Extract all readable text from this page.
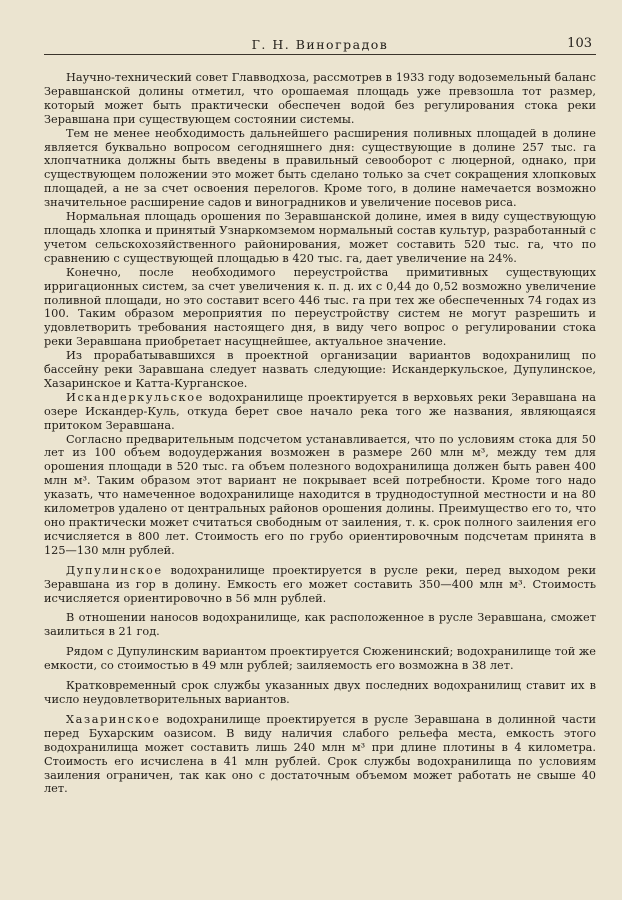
Г. Н. Виноградов	103

Научно-технический совет Главводхоза, рассмотрев в 1933 году водоземельный баланс Зеравшанской долины отметил, что орошаемая площадь уже превзошла тот размер, который может быть практически обеспечен водой без регулирования стока реки Зеравшана при существующем состоянии системы.

Тем не менее необходимость дальнейшего расширения поливных площадей в долине является буквально вопросом сегодняшнего дня: существующие в долине 257 тыс. га хлопчатника должны быть введены в правильный севооборот с люцерной, однако, при существующем положении это может быть сделано только за счет сокращения хлопковых площадей, а не за счет освоения перелогов. Кроме того, в долине намечается возможно значительное расширение садов и виноградников и увеличение посевов риса.

Нормальная площадь орошения по Зеравшанской долине, имея в виду существующую площадь хлопка и принятый Узнаркомземом нормальный состав культур, разработанный с учетом сельскохозяйственного районирования, может составить 520 тыс. га, что по сравнению с существующей площадью в 420 тыс. га, дает увеличение на 24%.

Конечно, после необходимого переустройства примитивных существующих ирригационных систем, за счет увеличения к. п. д. их с 0,44 до 0,52 возможно увеличение поливной площади, но это составит всего 446 тыс. га при тех же обеспеченных 74 годах из 100. Таким образом мероприятия по переустройству систем не могут разрешить и удовлетворить требования настоящего дня, в виду чего вопрос о регулировании стока реки Зеравшана приобретает насущнейшее, актуальное значение.

Из прорабатывавшихся в проектной организации вариантов водохранилищ по бассейну реки Заравшана следует назвать следующие: Искандеркульское, Дупулинское, Хазаринское и Катта-Курганское.

Искандеркульское водохранилище проектируется в верховьях реки Зеравшана на озере Искандер-Куль, откуда берет свое начало река того же названия, являющаяся притоком Зеравшана.

Согласно предварительным подсчетом устанавливается, что по условиям стока для 50 лет из 100 объем водоудержания возможен в размере 260 млн м³, между тем для орошения площади в 520 тыс. га объем полезного водохранилища должен быть равен 400 млн м³. Таким образом этот вариант не покрывает всей потребности. Кроме того надо указать, что намеченное водохранилище находится в труднодоступной местности и на 80 километров удалено от центральных районов орошения долины. Преимущество его то, что оно практически может считаться свободным от заиления, т. к. срок полного заиления его исчисляется в 800 лет. Стоимость его по грубо ориентировочным подсчетам принята в 125—130 млн рублей.

Дупулинское водохранилище проектируется в русле реки, перед выходом реки Зеравшана из гор в долину. Емкость его может составить 350—400 млн м³. Стоимость исчисляется ориентировочно в 56 млн рублей.

В отношении наносов водохранилище, как расположенное в русле Зеравшана, сможет заилиться в 21 год.

Рядом с Дупулинским вариантом проектируется Сюженинский; водохранилище той же емкости, со стоимостью в 49 млн рублей; заиляемость его возможна в 38 лет.

Кратковременный срок службы указанных двух последних водохранилищ ставит их в число неудовлетворительных вариантов.

Хазаринское водохранилище проектируется в русле Зеравшана в долинной части перед Бухарским оазисом. В виду наличия слабого рельефа места, емкость этого водохранилища может составить лишь 240 млн м³ при длине плотины в 4 километра. Стоимость его исчислена в 41 млн рублей. Срок службы водохранилища по условиям заиления ограничен, так как оно с достаточным объемом может работать не свыше 40 лет.
